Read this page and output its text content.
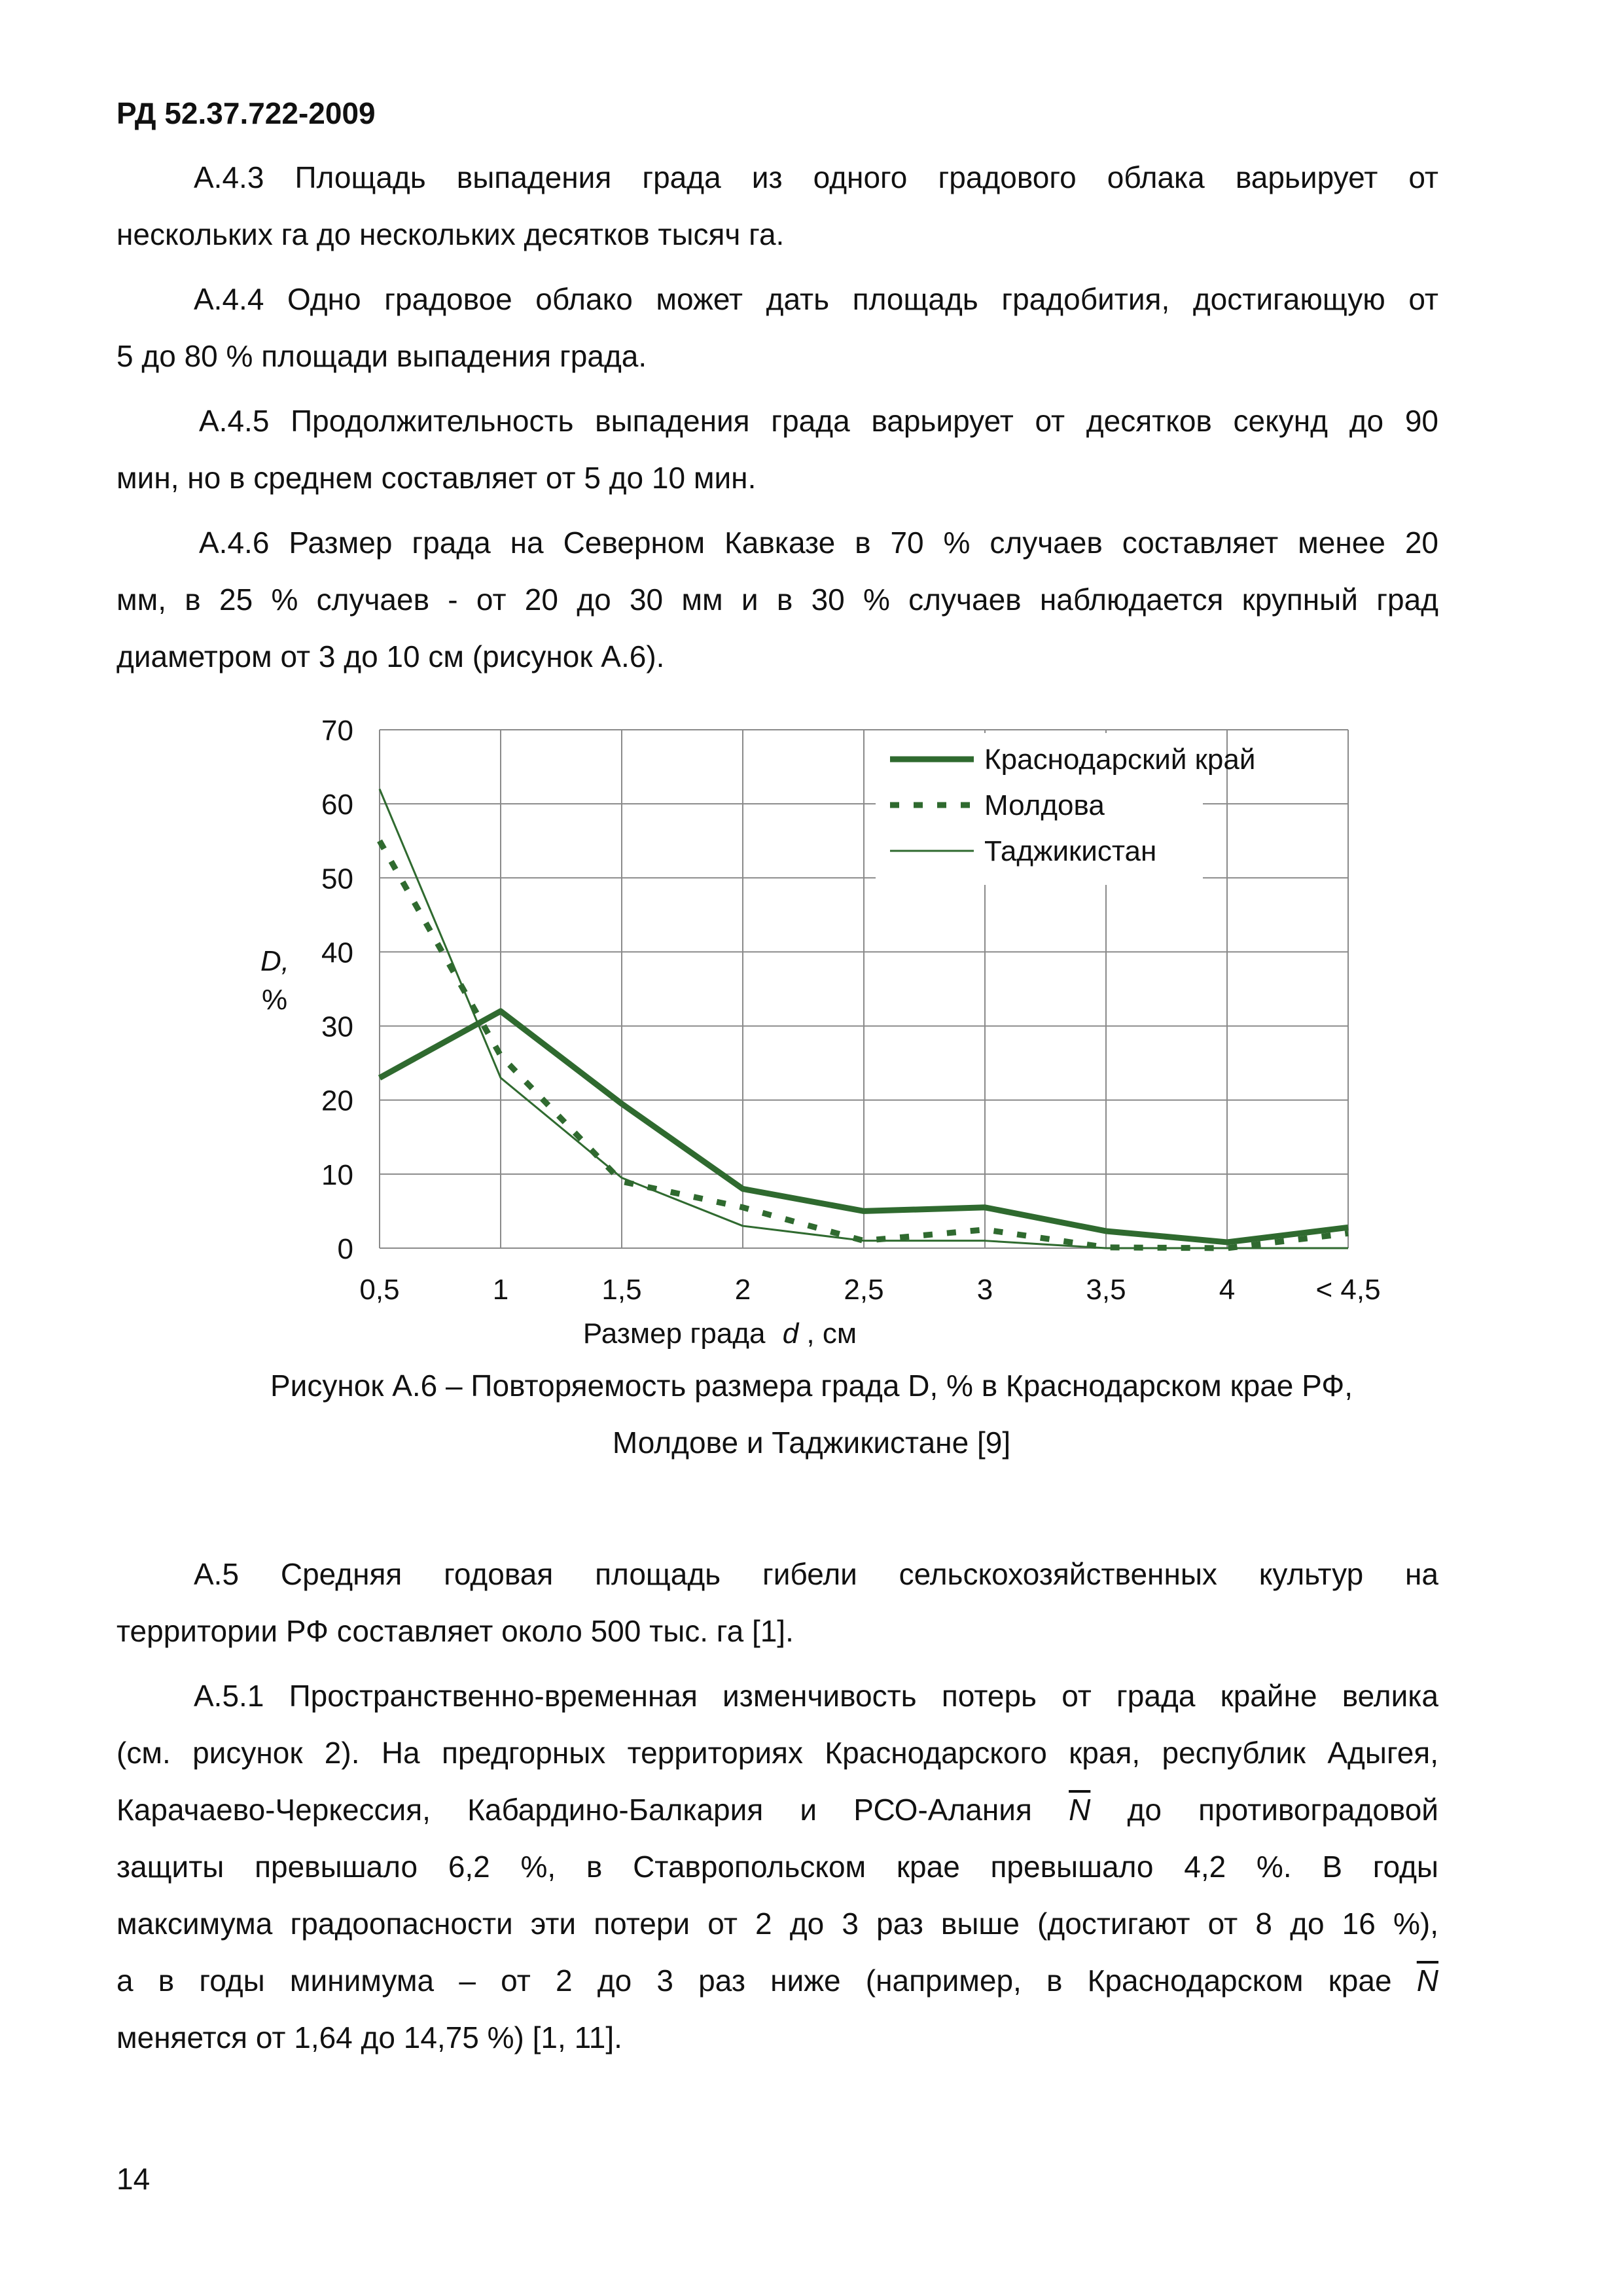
РД 52.37.722-2009
А.4.3 Площадь выпадения града из одного градового облака варьирует от
нескольких га до нескольких десятков тысяч га.
А.4.4 Одно градовое облако может дать площадь градобития, достигающую от
5 до 80 % площади выпадения града.
А.4.5 Продолжительность выпадения града варьирует от десятков секунд до 90
мин, но в среднем составляет от 5 до 10 мин.
А.4.6 Размер града на Северном Кавказе в 70 % случаев составляет менее 20
мм, в 25 % случаев - от 20 до 30 мм и в 30 % случаев наблюдается крупный град
диаметром от 3 до 10 см (рисунок А.6).
0
10
20
30
40
50
60
70
0,5	1	1,5	2	2,5	3	3,5	4	< 4,5
Краснодарский край
Молдова
Таджикистан
D,
%
Размер града d , см
Рисунок А.6 – Повторяемость размера града D, % в Краснодарском крае РФ,
Молдове и Таджикистане [9]
А.5 Средняя годовая площадь гибели сельскохозяйственных культур на
территории РФ составляет около 500 тыс. га [1].
А.5.1 Пространственно-временная изменчивость потерь от града крайне велика
(см. рисунок 2). На предгорных территориях Краснодарского края, республик Адыгея,
Карачаево-Черкессия, Кабардино-Балкария и РСО-Алания $\overline{N}$ до противоградовой
защиты превышало 6,2 %, в Ставропольском крае превышало 4,2 %. В годы
максимума градоопасности эти потери от 2 до 3 раз выше (достигают от 8 до 16 %),
а в годы минимума – от 2 до 3 раз ниже (например, в Краснодарском крае $\overline{N}$
меняется от 1,64 до 14,75 %) [1, 11].
14
